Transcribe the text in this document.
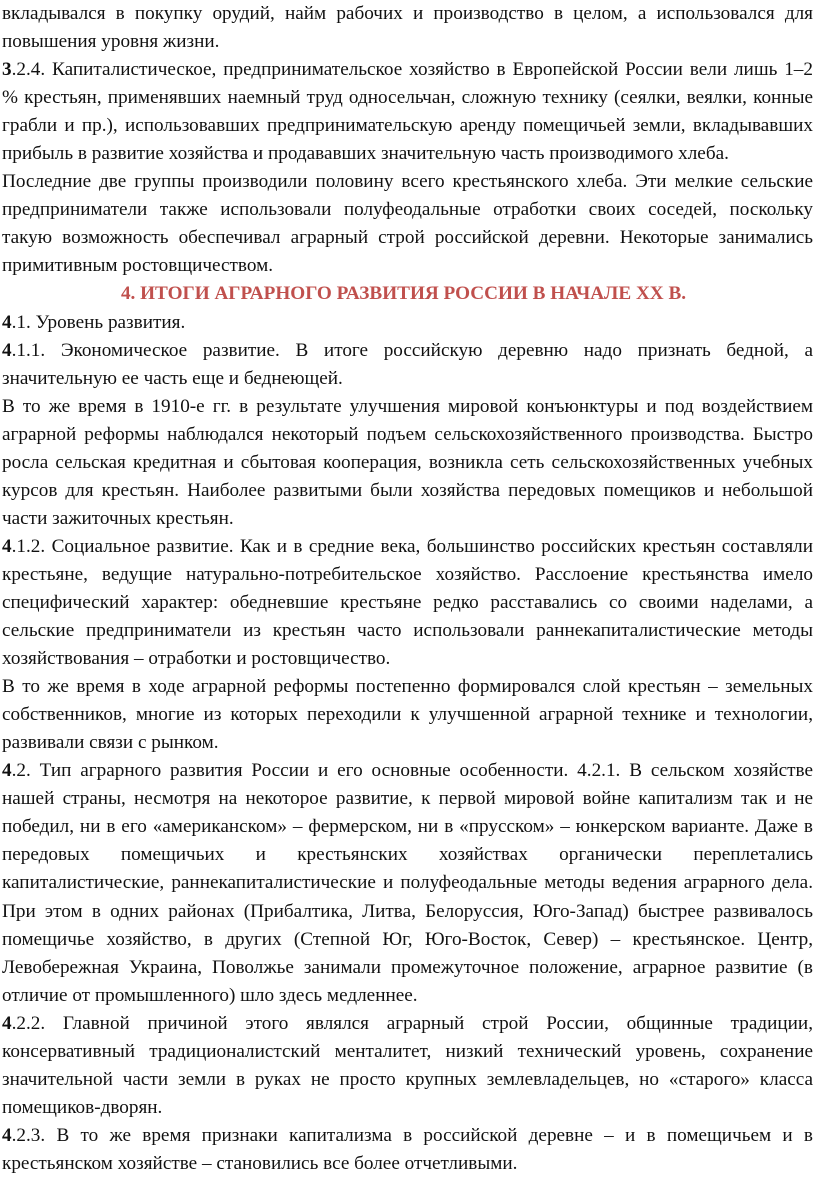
вкладывался в покупку орудий, найм рабочих и производство в целом, а использовался для повышения уровня жизни.

3.2.4. Капиталистическое, предпринимательское хозяйство в Европейской России вели лишь 1–2 % крестьян, применявших наемный труд односельчан, сложную технику (сеялки, веялки, конные грабли и пр.), использовавших предпринимательскую аренду помещичьей земли, вкладывавших прибыль в развитие хозяйства и продававших значительную часть производимого хлеба.

Последние две группы производили половину всего крестьянского хлеба. Эти мелкие сельские предприниматели также использовали полуфеодальные отработки своих соседей, поскольку такую возможность обеспечивал аграрный строй российской деревни. Некоторые занимались примитивным ростовщичеством.

4. ИТОГИ АГРАРНОГО РАЗВИТИЯ РОССИИ В НАЧАЛЕ ХХ В.

4.1. Уровень развития.

4.1.1. Экономическое развитие. В итоге российскую деревню надо признать бедной, а значительную ее часть еще и беднеющей.

В то же время в 1910-е гг. в результате улучшения мировой конъюнктуры и под воздействием аграрной реформы наблюдался некоторый подъем сельскохозяйственного производства. Быстро росла сельская кредитная и сбытовая кооперация, возникла сеть сельскохозяйственных учебных курсов для крестьян. Наиболее развитыми были хозяйства передовых помещиков и небольшой части зажиточных крестьян.

4.1.2. Социальное развитие. Как и в средние века, большинство российских крестьян составляли крестьяне, ведущие натурально-потребительское хозяйство. Расслоение крестьянства имело специфический характер: обедневшие крестьяне редко расставались со своими наделами, а сельские предприниматели из крестьян часто использовали раннекапиталистические методы хозяйствования – отработки и ростовщичество.

В то же время в ходе аграрной реформы постепенно формировался слой крестьян – земельных собственников, многие из которых переходили к улучшенной аграрной технике и технологии, развивали связи с рынком.

4.2. Тип аграрного развития России и его основные особенности. 4.2.1. В сельском хозяйстве нашей страны, несмотря на некоторое развитие, к первой мировой войне капитализм так и не победил, ни в его «американском» – фермерском, ни в «прусском» – юнкерском варианте. Даже в передовых помещичьих и крестьянских хозяйствах органически переплетались капиталистические, раннекапиталистические и полуфеодальные методы ведения аграрного дела. При этом в одних районах (Прибалтика, Литва, Белоруссия, Юго-Запад) быстрее развивалось помещичье хозяйство, в других (Степной Юг, Юго-Восток, Север) – крестьянское. Центр, Левобережная Украина, Поволжье занимали промежуточное положение, аграрное развитие (в отличие от промышленного) шло здесь медленнее.

4.2.2. Главной причиной этого являлся аграрный строй России, общинные традиции, консервативный традиционалистский менталитет, низкий технический уровень, сохранение значительной части земли в руках не просто крупных землевладельцев, но «старого» класса помещиков-дворян.

4.2.3. В то же время признаки капитализма в российской деревне – и в помещичьем и в крестьянском хозяйстве – становились все более отчетливыми.
